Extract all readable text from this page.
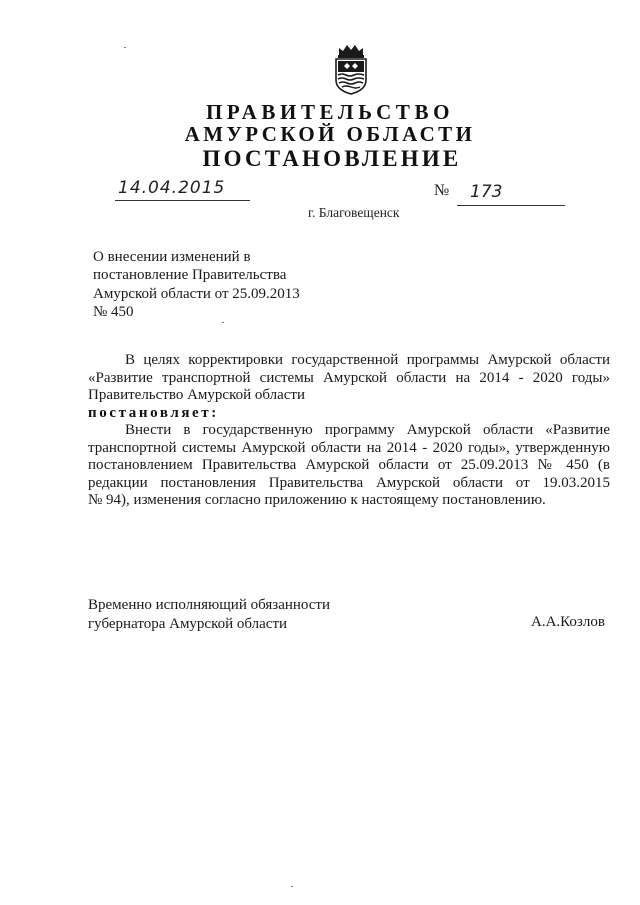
ПРАВИТЕЛЬСТВО
АМУРСКОЙ ОБЛАСТИ
ПОСТАНОВЛЕНИЕ
14.04.2015	№ 173
г. Благовещенск
О внесении изменений в
постановление Правительства
Амурской области от 25.09.2013
№ 450
В целях корректировки государственной программы Амурской области
«Развитие транспортной системы Амурской области на 2014 - 2020 годы»
Правительство Амурской области
постановляет:
Внести в государственную программу Амурской области «Развитие
транспортной системы Амурской области на 2014 - 2020 годы», утвержденную
постановлением Правительства Амурской области от 25.09.2013 № 450 (в
редакции постановления Правительства Амурской области от 19.03.2015
№ 94), изменения согласно приложению к настоящему постановлению.
Временно исполняющий обязанности
губернатора Амурской области	А.А.Козлов
